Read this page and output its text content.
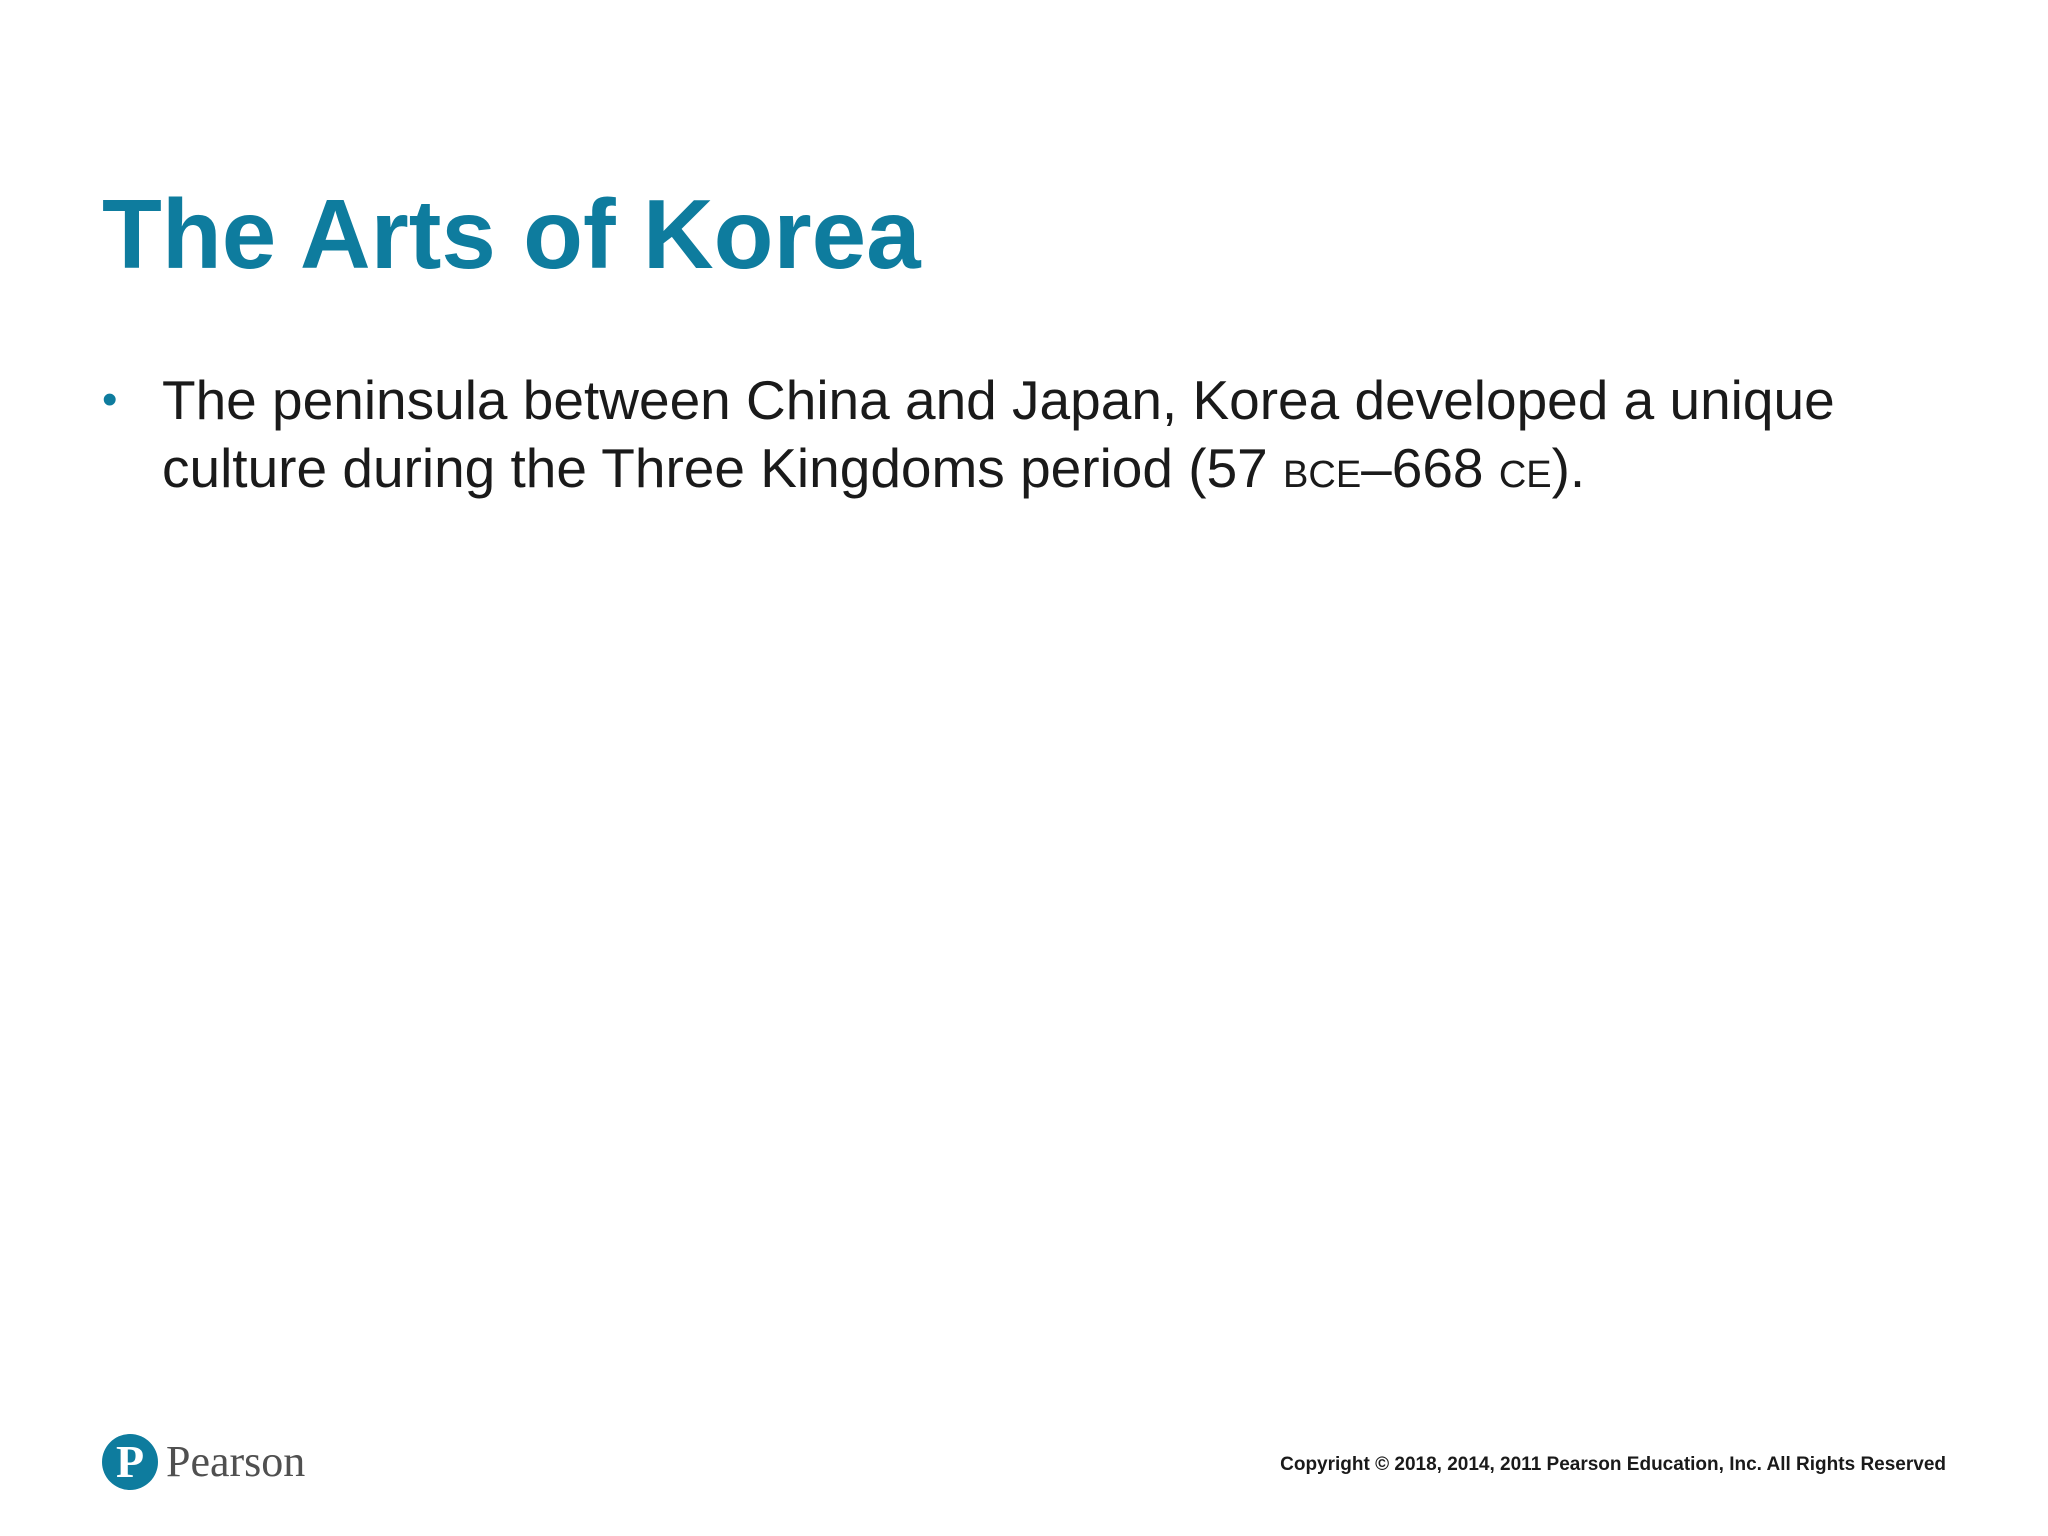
The Arts of Korea
• The peninsula between China and Japan, Korea developed a unique culture during the Three Kingdoms period (57 BCE–668 CE).
P Pearson	Copyright © 2018, 2014, 2011 Pearson Education, Inc. All Rights Reserved
